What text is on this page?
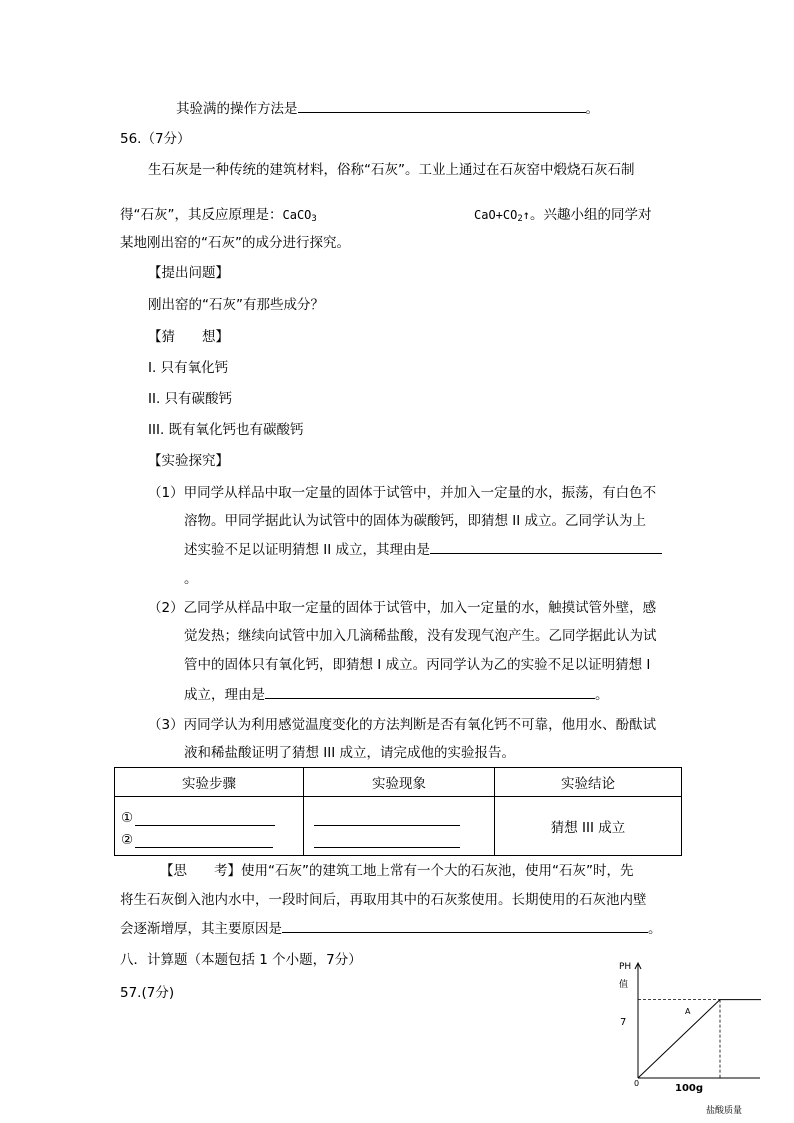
其验满的操作方法是	。
56.（7分）
生石灰是一种传统的建筑材料，俗称“石灰”。工业上通过在石灰窑中煅烧石灰石制
得“石灰”，其反应原理是：CaCO$_3$	$CaO+CO_2↑$。兴趣小组的同学对
某地刚出窑的“石灰”的成分进行探究。
【提出问题】
刚出窑的“石灰”有那些成分？
【猜　　想】
I. 只有氧化钙
II. 只有碳酸钙
III. 既有氧化钙也有碳酸钙
【实验探究】
（1）甲同学从样品中取一定量的固体于试管中，并加入一定量的水，振荡，有白色不
溶物。甲同学据此认为试管中的固体为碳酸钙，即猜想 II 成立。乙同学认为上
述实验不足以证明猜想 II 成立，其理由是
。
（2）乙同学从样品中取一定量的固体于试管中，加入一定量的水，触摸试管外壁，感
觉发热；继续向试管中加入几滴稀盐酸，没有发现气泡产生。乙同学据此认为试
管中的固体只有氧化钙，即猜想 I 成立。丙同学认为乙的实验不足以证明猜想 I
成立，理由是	。
（3）丙同学认为利用感觉温度变化的方法判断是否有氧化钙不可靠，他用水、酚酞试
液和稀盐酸证明了猜想 III 成立，请完成他的实验报告。
实验步骤	实验现象	实验结论

①
②		猜想 III 成立
【思　　考】使用“石灰”的建筑工地上常有一个大的石灰池，使用“石灰”时，先
将生石灰倒入池内水中，一段时间后，再取用其中的石灰浆使用。长期使用的石灰池内壁
会逐渐增厚，其主要原因是	。
八．计算题（本题包括 1 个小题，7分）
57.(7分)
PH
值
0
7
100g
盐酸质量
A
